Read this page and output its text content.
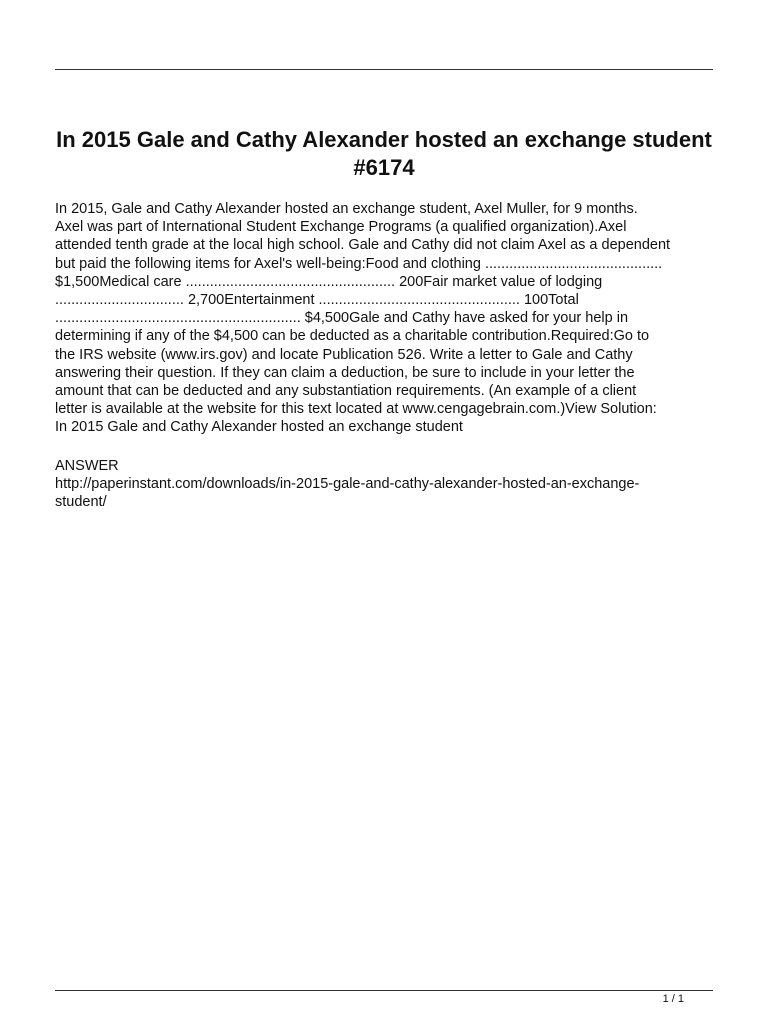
In 2015 Gale and Cathy Alexander hosted an exchange student #6174

In 2015, Gale and Cathy Alexander hosted an exchange student, Axel Muller, for 9 months.
Axel was part of International Student Exchange Programs (a qualified organization).Axel
attended tenth grade at the local high school. Gale and Cathy did not claim Axel as a dependent
but paid the following items for Axel's well-being:Food and clothing ............................................
$1,500Medical care .................................................... 200Fair market value of lodging
................................ 2,700Entertainment .................................................. 100Total
............................................................. $4,500Gale and Cathy have asked for your help in
determining if any of the $4,500 can be deducted as a charitable contribution.Required:Go to
the IRS website (www.irs.gov) and locate Publication 526. Write a letter to Gale and Cathy
answering their question. If they can claim a deduction, be sure to include in your letter the
amount that can be deducted and any substantiation requirements. (An example of a client
letter is available at the website for this text located at www.cengagebrain.com.)View Solution:
In 2015 Gale and Cathy Alexander hosted an exchange student

ANSWER
http://paperinstant.com/downloads/in-2015-gale-and-cathy-alexander-hosted-an-exchange-
student/
1 / 1
